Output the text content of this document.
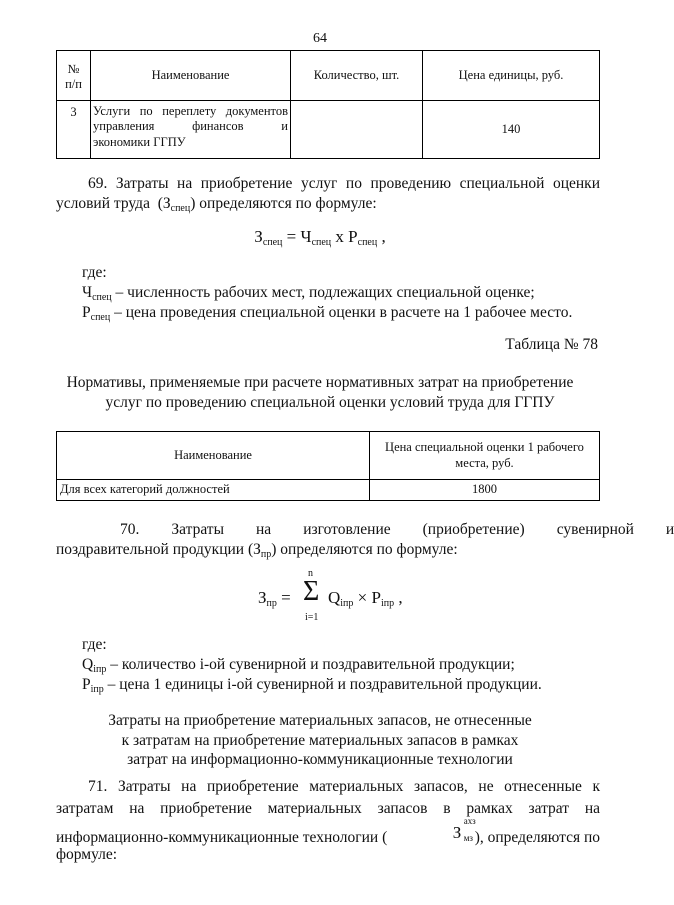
64
№
п/п	Наименование	Количество, шт.	Цена единицы, руб.
3	Услуги по переплету документов
управления финансов и
экономики ГГПУ		140
69. Затраты на приобретение услуг по проведению специальной оценки условий труда  $(З_{спец})$ определяются по формуле:
$З_{спец} = Ч_{спец}$ х $Р_{спец}$ ,
где:
$Ч_{спец}$ – численность рабочих мест, подлежащих специальной оценке;
$Р_{спец}$ – цена проведения специальной оценки в расчете на 1 рабочее место.
Таблица № 78
Нормативы, применяемые при расчете нормативных затрат на приобретение
услуг по проведению специальной оценки условий труда для ГГПУ
Наименование	Цена специальной оценки 1 рабочего места, руб.
Для всех категорий должностей	1800
70.	Затраты	на	изготовление	(приобретение)	сувенирной	и
поздравительной продукции $(З_{пр})$ определяются по формуле:
$З_{пр}$ =
n
Σ
i=1
$Q_{iпр} \times P_{iпр}$ ,
где:
$Q_{iпр}$ – количество i-ой сувенирной и поздравительной продукции;
$P_{iпр}$ – цена 1 единицы i-ой сувенирной и поздравительной продукции.
Затраты на приобретение материальных запасов, не отнесенные
к затратам на приобретение материальных запасов в рамках
затрат на информационно-коммуникационные технологии
71. Затраты на приобретение материальных запасов, не отнесенные к
затратам на приобретение материальных запасов в рамках затрат на
информационно-коммуникационные технологии (	З
ахз
мз ), определяются по
формуле:
